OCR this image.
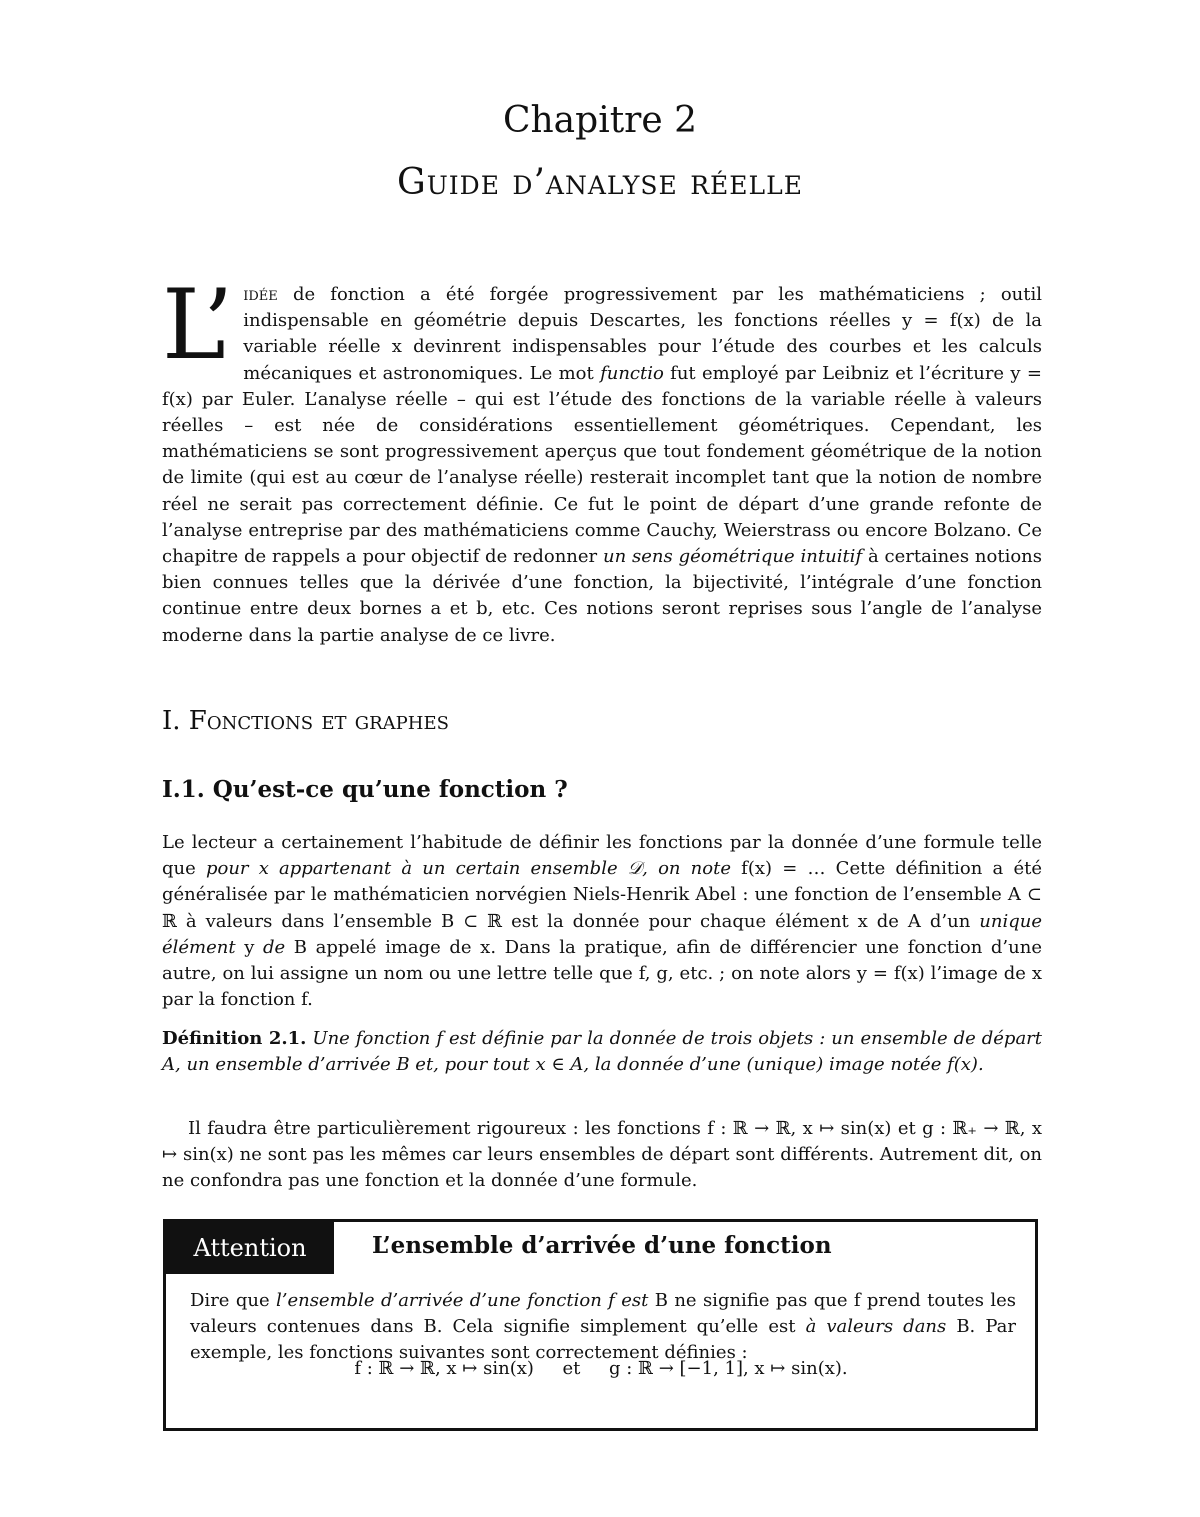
Chapitre 2
Guide d’analyse réelle
L’ idée de fonction a été forgée progressivement par les mathématiciens ; outil indispensable en géométrie depuis Descartes, les fonctions réelles y = f(x) de la variable réelle x devinrent indispensables pour l’étude des courbes et les calculs mécaniques et astronomiques. Le mot functio fut employé par Leibniz et l’écriture y = f(x) par Euler. L’analyse réelle – qui est l’étude des fonctions de la variable réelle à valeurs réelles – est née de considérations essentiellement géométriques. Cependant, les mathématiciens se sont progressivement aperçus que tout fondement géométrique de la notion de limite (qui est au cœur de l’analyse réelle) resterait incomplet tant que la notion de nombre réel ne serait pas correctement définie. Ce fut le point de départ d’une grande refonte de l’analyse entreprise par des mathématiciens comme Cauchy, Weierstrass ou encore Bolzano. Ce chapitre de rappels a pour objectif de redonner un sens géométrique intuitif à certaines notions bien connues telles que la dérivée d’une fonction, la bijectivité, l’intégrale d’une fonction continue entre deux bornes a et b, etc. Ces notions seront reprises sous l’angle de l’analyse moderne dans la partie analyse de ce livre.
I. Fonctions et graphes
I.1. Qu’est-ce qu’une fonction ?
Le lecteur a certainement l’habitude de définir les fonctions par la donnée d’une formule telle que pour x appartenant à un certain ensemble 𝒟, on note f(x) = … Cette définition a été généralisée par le mathématicien norvégien Niels-Henrik Abel : une fonction de l’ensemble A ⊂ ℝ à valeurs dans l’ensemble B ⊂ ℝ est la donnée pour chaque élément x de A d’un unique élément y de B appelé image de x. Dans la pratique, afin de différencier une fonction d’une autre, on lui assigne un nom ou une lettre telle que f, g, etc. ; on note alors y = f(x) l’image de x par la fonction f.
Définition 2.1. Une fonction f est définie par la donnée de trois objets : un ensemble de départ A, un ensemble d’arrivée B et, pour tout x ∈ A, la donnée d’une (unique) image notée f(x).
Il faudra être particulièrement rigoureux : les fonctions f : ℝ → ℝ, x ↦ sin(x) et g : ℝ₊ → ℝ, x ↦ sin(x) ne sont pas les mêmes car leurs ensembles de départ sont différents. Autrement dit, on ne confondra pas une fonction et la donnée d’une formule.
Attention	L’ensemble d’arrivée d’une fonction
Dire que l’ensemble d’arrivée d’une fonction f est B ne signifie pas que f prend toutes les valeurs contenues dans B. Cela signifie simplement qu’elle est à valeurs dans B. Par exemple, les fonctions suivantes sont correctement définies :
f : ℝ → ℝ, x ↦ sin(x)     et     g : ℝ → [−1, 1], x ↦ sin(x).
